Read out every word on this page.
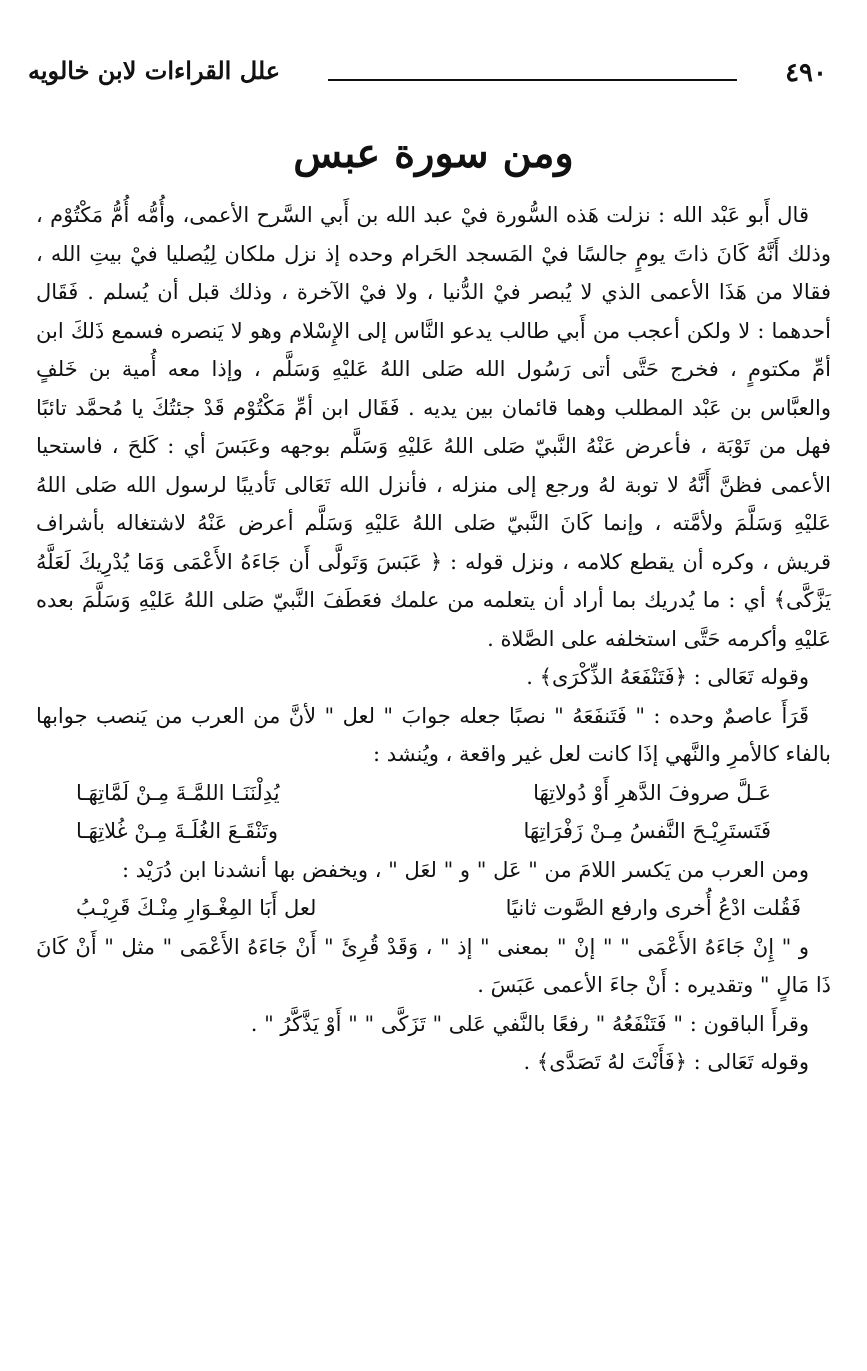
٤٩٠
علل القراءات لابن خالويه
ومن سورة عبس

قال أَبو عَبْد الله : نزلت هَذه السُّورة فيْ عبد الله بن أَبي السَّرح الأعمى، وأُمُّه أُمُّ مَكْتُوْم ، وذلك أَنَّهُ كَانَ ذاتَ يومٍ جالسًا فيْ المَسجد الحَرام وحده إذ نزل ملكان لِيُصليا فيْ بيتِ الله ، فقالا من هَذَا الأعمى الذي لا يُبصر فيْ الدُّنيا ، ولا فيْ الآخرة ، وذلك قبل أن يُسلم . فَقَال أحدهما : لا ولكن أعجب من أَبي طالب يدعو النَّاس إلى الإِسْلام وهو لا يَنصره فسمع ذَلكَ ابن أمِّ مكتومٍ ، فخرج حَتَّى أتى رَسُول الله صَلى اللهُ عَليْهِ وَسَلَّم ، وإذا معه أُمية بن خَلفٍ والعبَّاس بن عَبْد المطلب وهما قائمان بين يديه . فَقَال ابن أمِّ مَكْتُوْم قَدْ جئتُكَ يا مُحمَّد تائبًا فهل من تَوْبَة ، فأعرض عَنْهُ النَّبيّ صَلى اللهُ عَليْهِ وَسَلَّم بوجهه وعَبَسَ أي : كَلحَ ، فاستحيا الأعمى فظنَّ أَنَّهُ لا توبة لهُ ورجع إلى منزله ، فأنزل الله تَعَالى تَأديبًا لرسول الله صَلى اللهُ عَليْهِ وَسَلَّمَ ولأمَّته ، وإنما كَانَ النَّبيّ صَلى اللهُ عَليْهِ وَسَلَّم أعرض عَنْهُ لاشتغاله بأشراف قريش ، وكره أن يقطع كلامه ، ونزل قوله : ﴿ عَبَسَ وَتَولَّى أَن جَاءَهُ الأَعْمَى وَمَا يُدْرِيكَ لَعَلَّهُ يَزَّكَّى﴾ أي : ما يُدريك بما أراد أن يتعلمه من علمك فعَطَفَ النَّبيّ صَلى اللهُ عَليْهِ وَسَلَّمَ بعده عَليْهِ وأكرمه حَتَّى استخلفه على الصَّلاة .

وقوله تَعَالى : ﴿فَتَنْفَعَهُ الذِّكْرَى﴾ .

قَرَأَ عاصمٌ وحده : " فَتَنفَعَهُ " نصبًا جعله جوابَ " لعل " لأنَّ من العرب من يَنصب جوابها بالفاء كالأمرِ والنَّهي إذَا كانت لعل غير واقعة ، ويُنشد :

عَـلَّ صروفَ الدَّهرِ أَوْ دُولاتِهَا
يُدِلْنَنَـا اللمَّـةَ مِـنْ لَمَّاتِهَـا
فَتَستَرِيْـحَ النَّفسُ مِـنْ زَفْرَاتِهَا
وتَنْقَـعَ الغُلَـةَ مِـنْ غُلاتِهَـا

ومن العرب من يَكسر اللامَ من " عَل " و " لعَل " ، ويخفض بها أنشدنا ابن دُرَيْد :

فَقُلت ادْعُ أُخرى وارفع الصَّوت ثانيًا
لعل أَبَا المِغْـوَارِ مِنْـكَ قَرِيْـبُ

و " إِنْ جَاءَهُ الأَعْمَى " " إنْ " بمعنى " إذ " ، وَقَدْ قُرِئَ " أَنْ جَاءَهُ الأَعْمَى " مثل " أَنْ كَانَ ذَا مَالٍ " وتقديره : أَنْ جاءَ الأعمى عَبَسَ .

وقرأَ الباقون : " فَتَنْفَعُهُ " رفعًا بالنَّفي عَلى " تَزَكَّى " " أَوْ يَذَّكَّرُ " .

وقوله تَعَالى : ﴿فَأَنْتَ لهُ تَصَدَّى﴾ .
